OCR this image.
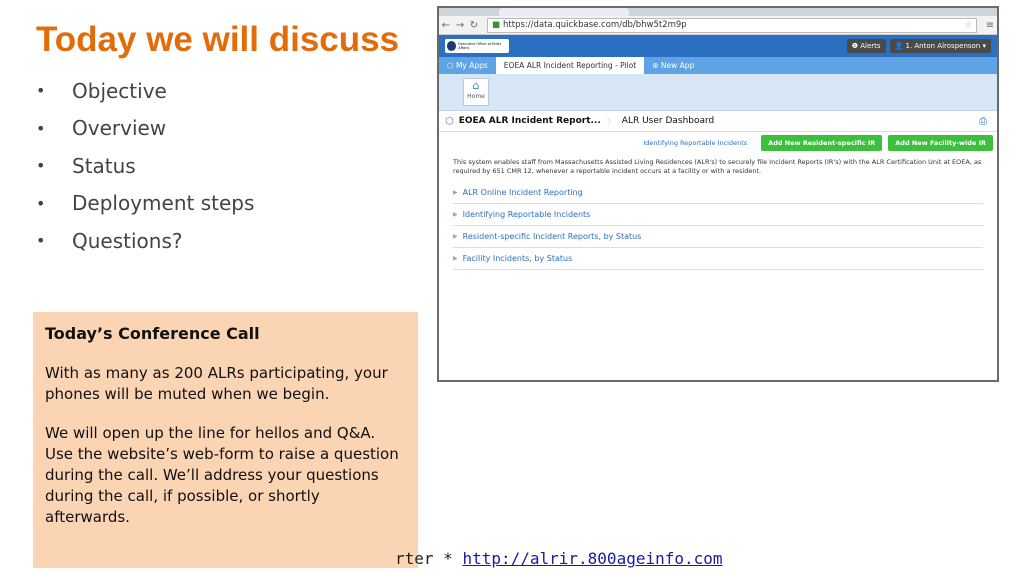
Today we will discuss
•	Objective
•	Overview
•	Status
•	Deployment steps
•	Questions?
Today’s Conference Call

With as many as 200 ALRs participating, your phones will be muted when we begin.

We will open up the line for hellos and Q&A. Use the website’s web-form to raise a question during the call. We’ll address your questions during the call, if possible, or shortly afterwards.

rter * http://alrir.800ageinfo.com
← → ↻	■ https://data.quickbase.com/db/bhw5t2m9p	☆ ≡
Executive Office of Elder Affairs	❶ Alerts	👤 1. Anton Alrospenson ▾
⬡ My Apps EOEA ALR Incident Reporting - Pilot	⊕ New App
⌂
Home
⬡ EOEA ALR Incident Report... 〉 ALR User Dashboard	⎙
Identifying Reportable Incidents	Add New Resident-specific IR	Add New Facility-wide IR
This system enables staff from Massachusetts Assisted Living Residences (ALR's) to securely file Incident Reports (IR's) with the ALR Certification Unit at EOEA, as required by 651 CMR 12, whenever a reportable incident occurs at a facility or with a resident.
▶ ALR Online Incident Reporting
▶ Identifying Reportable Incidents
▶ Resident-specific Incident Reports, by Status
▶ Facility Incidents, by Status
